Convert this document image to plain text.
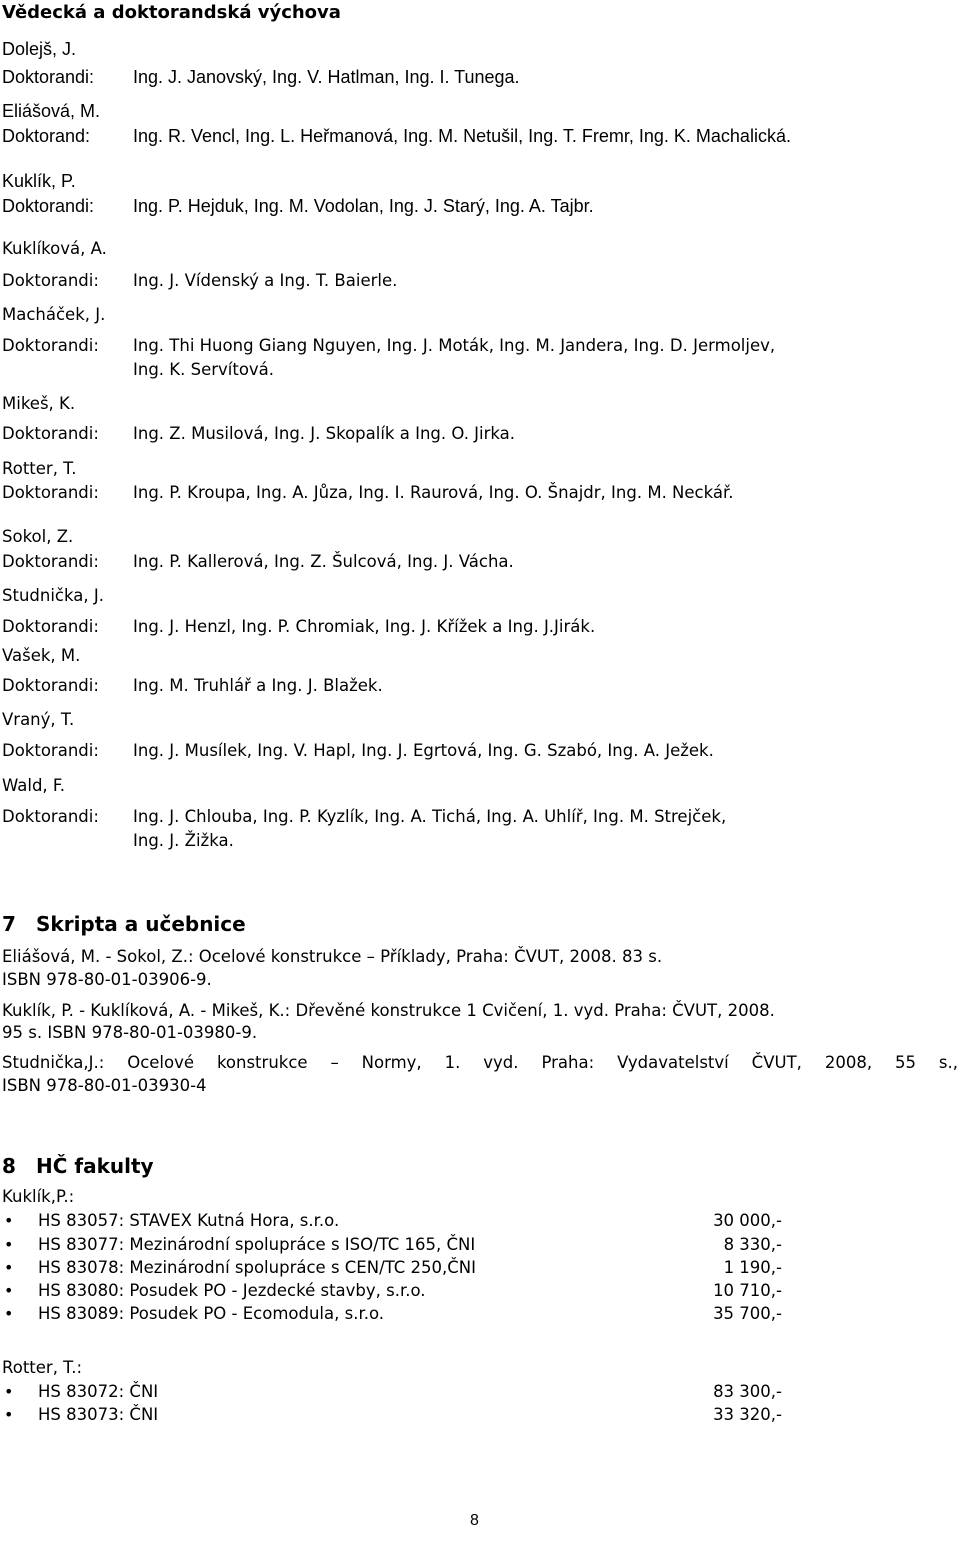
Vědecká a doktorandská výchova
Dolejš, J.
Doktorandi: Ing. J. Janovský, Ing. V. Hatlman, Ing. I. Tunega.
Eliášová, M.
Doktorand: Ing. R. Vencl, Ing. L. Heřmanová, Ing. M. Netušil, Ing. T. Fremr, Ing. K. Machalická.
Kuklík, P.
Doktorandi: Ing. P. Hejduk, Ing. M. Vodolan, Ing. J. Starý, Ing. A. Tajbr.
Kuklíková, A.
Doktorandi: Ing. J. Vídenský a Ing. T. Baierle.
Macháček, J.
Doktorandi: Ing. Thi Huong Giang Nguyen, Ing. J. Moták, Ing. M. Jandera, Ing. D. Jermoljev,
Ing. K. Servítová.
Mikeš, K.
Doktorandi: Ing. Z. Musilová, Ing. J. Skopalík a Ing. O. Jirka.
Rotter, T.
Doktorandi: Ing. P. Kroupa, Ing. A. Jůza, Ing. I. Raurová, Ing. O. Šnajdr, Ing. M. Neckář.
Sokol, Z.
Doktorandi: Ing. P. Kallerová, Ing. Z. Šulcová, Ing. J. Vácha.
Studnička, J.
Doktorandi: Ing. J. Henzl, Ing. P. Chromiak, Ing. J. Křížek a Ing. J.Jirák.
Vašek, M.
Doktorandi: Ing. M. Truhlář a Ing. J. Blažek.
Vraný, T.
Doktorandi: Ing. J. Musílek, Ing. V. Hapl, Ing. J. Egrtová, Ing. G. Szabó, Ing. A. Ježek.
Wald, F.
Doktorandi: Ing. J. Chlouba, Ing. P. Kyzlík, Ing. A. Tichá, Ing. A. Uhlíř, Ing. M. Strejček,
Ing. J. Žižka.
7 Skripta a učebnice
Eliášová, M. - Sokol, Z.: Ocelové konstrukce – Příklady, Praha: ČVUT, 2008. 83 s.
ISBN 978-80-01-03906-9.
Kuklík, P. - Kuklíková, A. - Mikeš, K.: Dřevěné konstrukce 1 Cvičení, 1. vyd. Praha: ČVUT, 2008.
95 s. ISBN 978-80-01-03980-9.
Studnička,J.: Ocelové konstrukce – Normy, 1. vyd. Praha: Vydavatelství ČVUT, 2008, 55 s.,
ISBN 978-80-01-03930-4
8 HČ fakulty
Kuklík,P.:
• HS 83057: STAVEX Kutná Hora, s.r.o.	30 000,-
• HS 83077: Mezinárodní spolupráce s ISO/TC 165, ČNI	8 330,-
• HS 83078: Mezinárodní spolupráce s CEN/TC 250,ČNI	1 190,-
• HS 83080: Posudek PO - Jezdecké stavby, s.r.o.	10 710,-
• HS 83089: Posudek PO - Ecomodula, s.r.o.	35 700,-
Rotter, T.:
• HS 83072: ČNI	83 300,-
• HS 83073: ČNI	33 320,-
8
